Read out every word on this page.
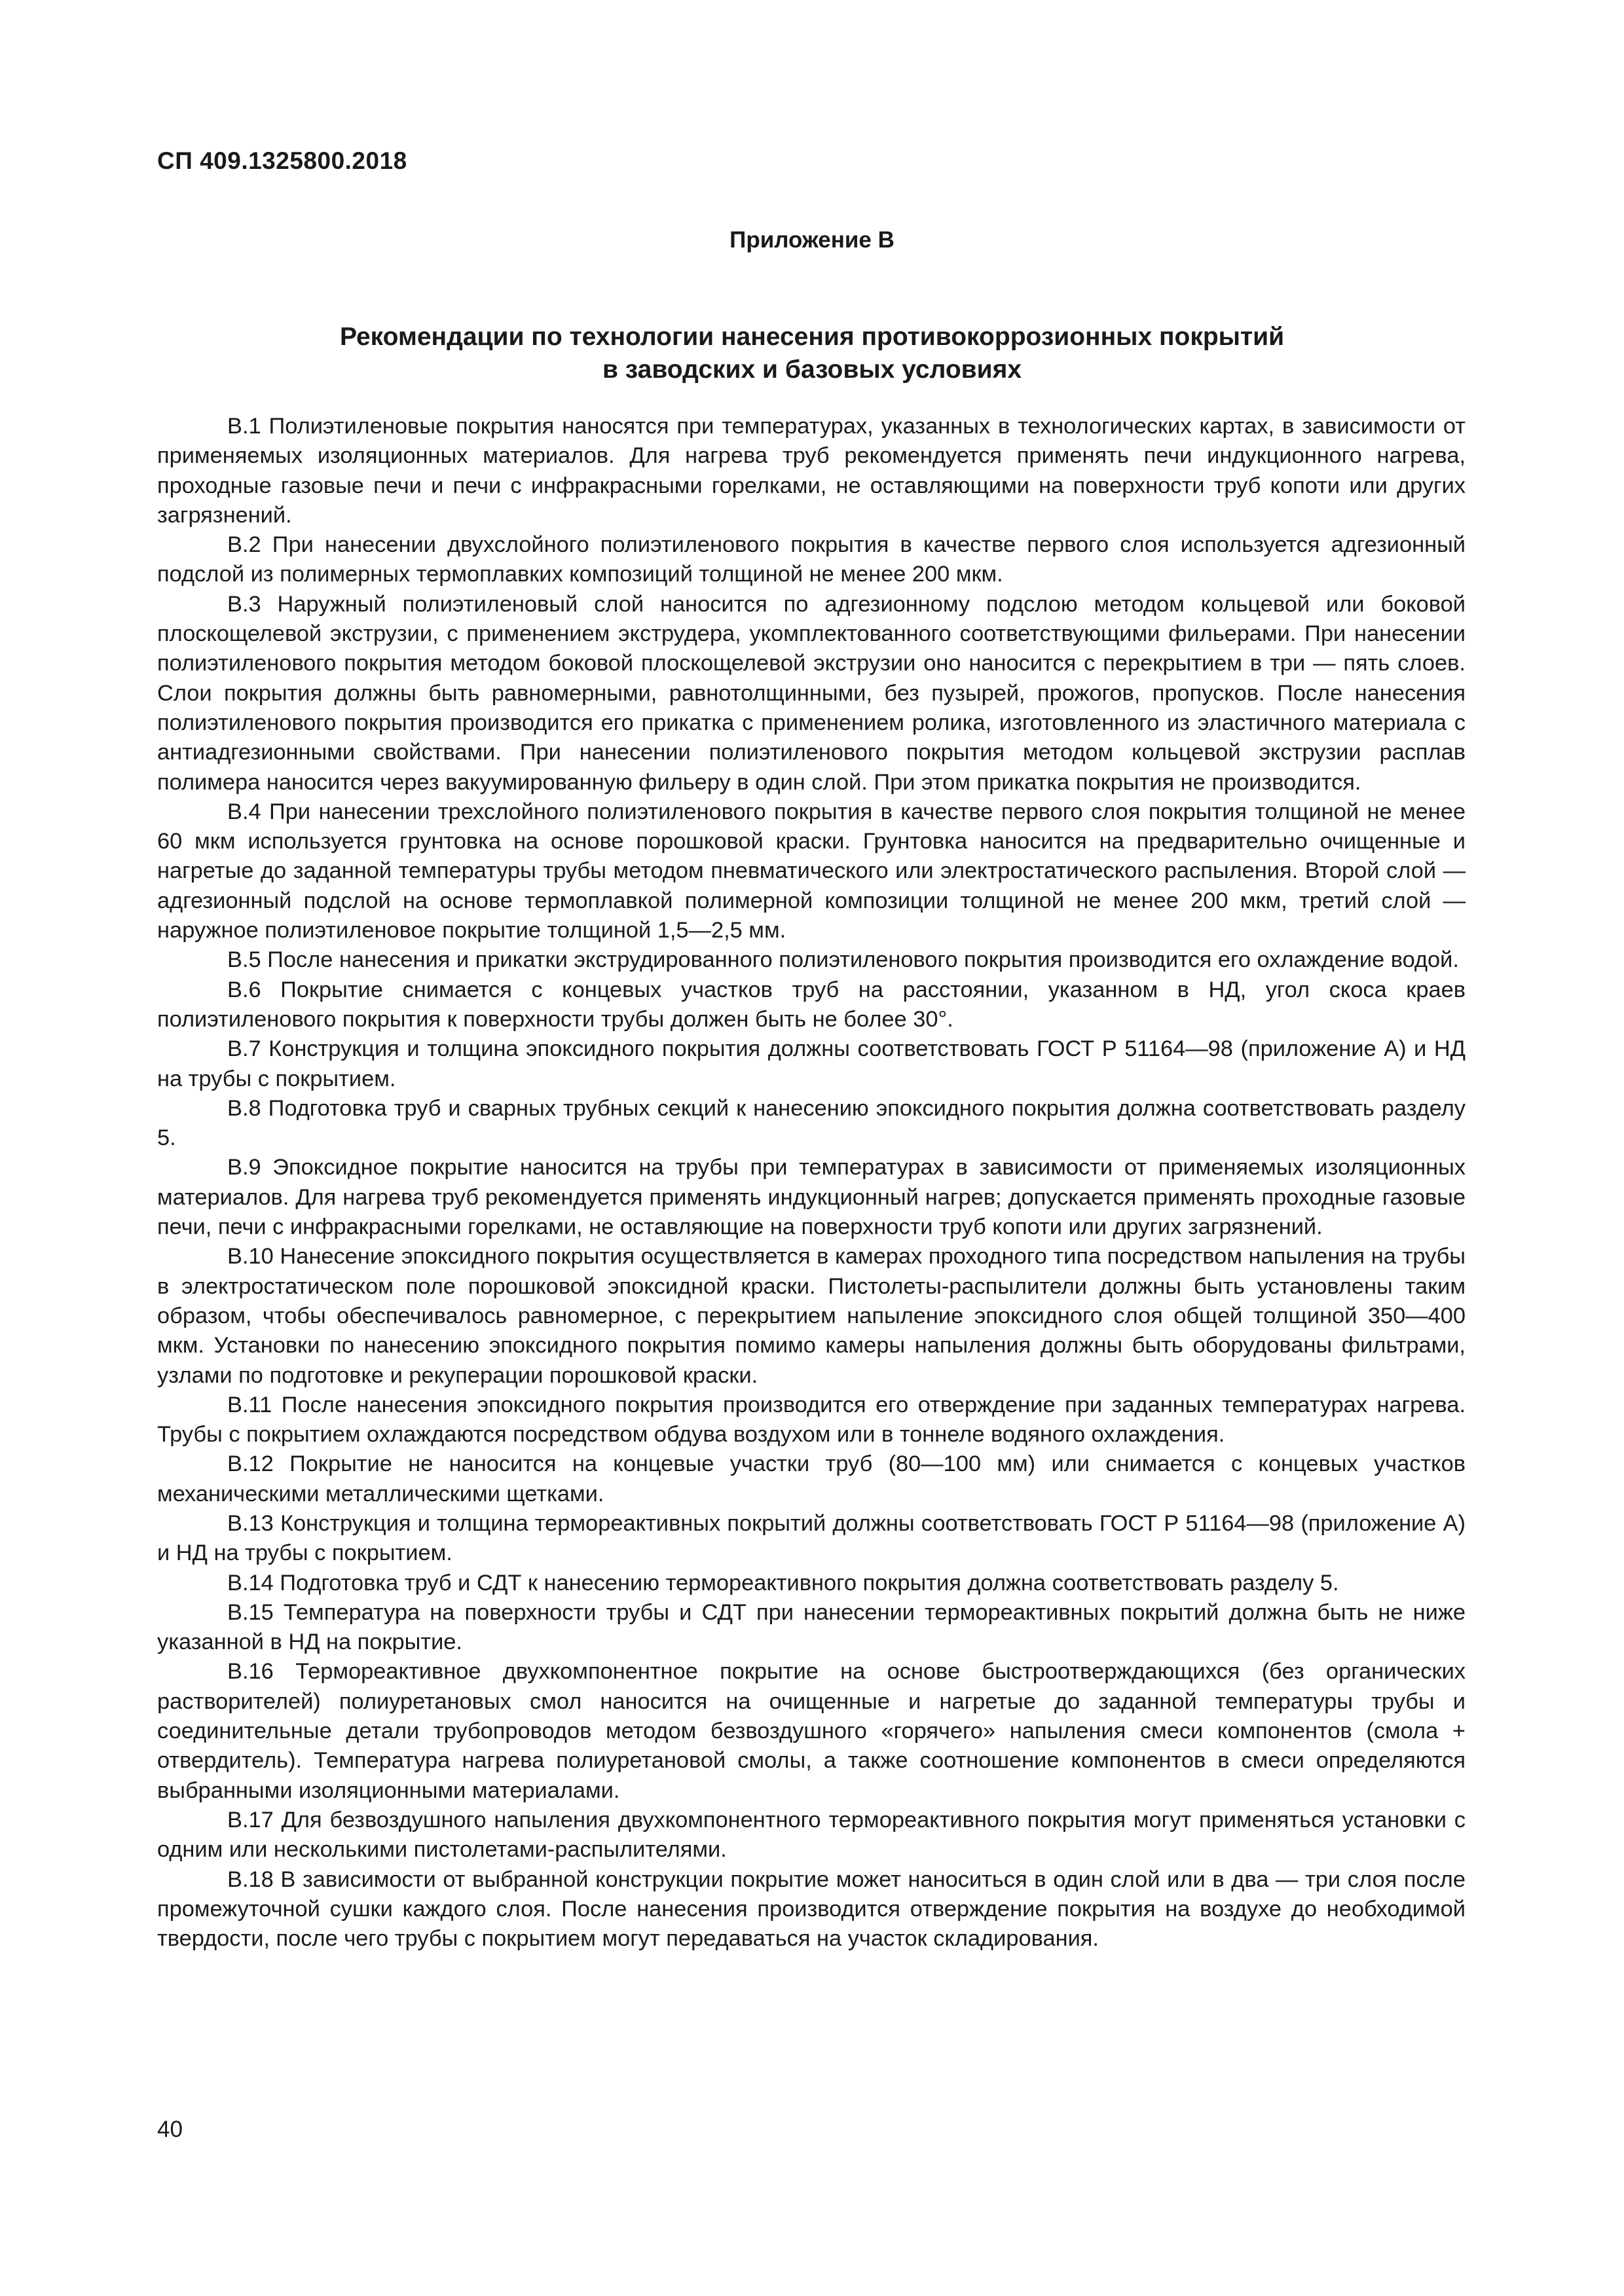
СП 409.1325800.2018
Приложение В
Рекомендации по технологии нанесения противокоррозионных покрытий
в заводских и базовых условиях

В.1 Полиэтиленовые покрытия наносятся при температурах, указанных в технологических картах, в зависимости от применяемых изоляционных материалов. Для нагрева труб рекомендуется применять печи индукционного нагрева, проходные газовые печи и печи с инфракрасными горелками, не оставляющими на поверхности труб копоти или других загрязнений.

В.2 При нанесении двухслойного полиэтиленового покрытия в качестве первого слоя используется адгезионный подслой из полимерных термоплавких композиций толщиной не менее 200 мкм.

В.3 Наружный полиэтиленовый слой наносится по адгезионному подслою методом кольцевой или боковой плоскощелевой экструзии, с применением экструдера, укомплектованного соответствующими фильерами. При нанесении полиэтиленового покрытия методом боковой плоскощелевой экструзии оно наносится с перекрытием в три — пять слоев. Слои покрытия должны быть равномерными, равнотолщинными, без пузырей, прожогов, пропусков. После нанесения полиэтиленового покрытия производится его прикатка с применением ролика, изготовленного из эластичного материала с антиадгезионными свойствами. При нанесении полиэтиленового покрытия методом кольцевой экструзии расплав полимера наносится через вакуумированную фильеру в один слой. При этом прикатка покрытия не производится.

В.4 При нанесении трехслойного полиэтиленового покрытия в качестве первого слоя покрытия толщиной не менее 60 мкм используется грунтовка на основе порошковой краски. Грунтовка наносится на предварительно очищенные и нагретые до заданной температуры трубы методом пневматического или электростатического распыления. Второй слой — адгезионный подслой на основе термоплавкой полимерной композиции толщиной не менее 200 мкм, третий слой — наружное полиэтиленовое покрытие толщиной 1,5—2,5 мм.

В.5 После нанесения и прикатки экструдированного полиэтиленового покрытия производится его охлаждение водой.

В.6 Покрытие снимается с концевых участков труб на расстоянии, указанном в НД, угол скоса краев полиэтиленового покрытия к поверхности трубы должен быть не более 30°.

В.7 Конструкция и толщина эпоксидного покрытия должны соответствовать ГОСТ Р 51164—98 (приложение А) и НД на трубы с покрытием.

В.8 Подготовка труб и сварных трубных секций к нанесению эпоксидного покрытия должна соответствовать разделу 5.

В.9 Эпоксидное покрытие наносится на трубы при температурах в зависимости от применяемых изоляционных материалов. Для нагрева труб рекомендуется применять индукционный нагрев; допускается применять проходные газовые печи, печи с инфракрасными горелками, не оставляющие на поверхности труб копоти или других загрязнений.

В.10 Нанесение эпоксидного покрытия осуществляется в камерах проходного типа посредством напыления на трубы в электростатическом поле порошковой эпоксидной краски. Пистолеты-распылители должны быть установлены таким образом, чтобы обеспечивалось равномерное, с перекрытием напыление эпоксидного слоя общей толщиной 350—400 мкм. Установки по нанесению эпоксидного покрытия помимо камеры напыления должны быть оборудованы фильтрами, узлами по подготовке и рекуперации порошковой краски.

В.11 После нанесения эпоксидного покрытия производится его отверждение при заданных температурах нагрева. Трубы с покрытием охлаждаются посредством обдува воздухом или в тоннеле водяного охлаждения.

В.12 Покрытие не наносится на концевые участки труб (80—100 мм) или снимается с концевых участков механическими металлическими щетками.

В.13 Конструкция и толщина термореактивных покрытий должны соответствовать ГОСТ Р 51164—98 (приложение А) и НД на трубы с покрытием.

В.14 Подготовка труб и СДТ к нанесению термореактивного покрытия должна соответствовать разделу 5.

В.15 Температура на поверхности трубы и СДТ при нанесении термореактивных покрытий должна быть не ниже указанной в НД на покрытие.

В.16 Термореактивное двухкомпонентное покрытие на основе быстроотверждающихся (без органических растворителей) полиуретановых смол наносится на очищенные и нагретые до заданной температуры трубы и соединительные детали трубопроводов методом безвоздушного «горячего» напыления смеси компонентов (смола + отвердитель). Температура нагрева полиуретановой смолы, а также соотношение компонентов в смеси определяются выбранными изоляционными материалами.

В.17 Для безвоздушного напыления двухкомпонентного термореактивного покрытия могут применяться установки с одним или несколькими пистолетами-распылителями.

В.18 В зависимости от выбранной конструкции покрытие может наноситься в один слой или в два — три слоя после промежуточной сушки каждого слоя. После нанесения производится отверждение покрытия на воздухе до необходимой твердости, после чего трубы с покрытием могут передаваться на участок складирования.

40
